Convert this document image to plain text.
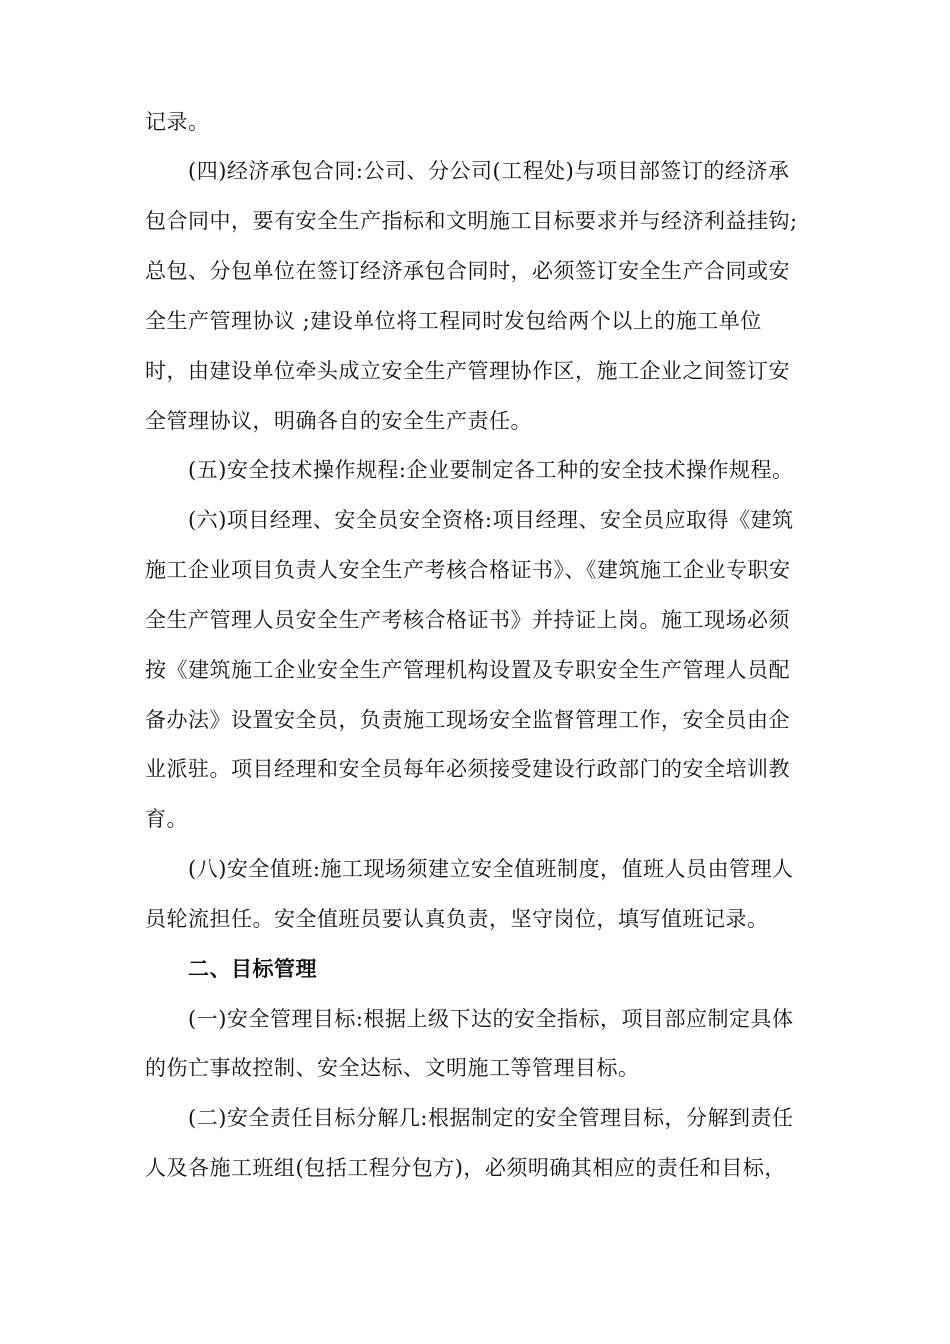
记录。
(四)经济承包合同:公司、分公司(工程处)与项目部签订的经济承
包合同中，要有安全生产指标和文明施工目标要求并与经济利益挂钩;
总包、分包单位在签订经济承包合同时，必须签订安全生产合同或安
全生产管理协议 ;建设单位将工程同时发包给两个以上的施工单位
时，由建设单位牵头成立安全生产管理协作区，施工企业之间签订安
全管理协议，明确各自的安全生产责任。
(五)安全技术操作规程:企业要制定各工种的安全技术操作规程。
(六)项目经理、安全员安全资格:项目经理、安全员应取得《建筑
施工企业项目负责人安全生产考核合格证书》、《建筑施工企业专职安
全生产管理人员安全生产考核合格证书》并持证上岗。施工现场必须
按《建筑施工企业安全生产管理机构设置及专职安全生产管理人员配
备办法》设置安全员，负责施工现场安全监督管理工作，安全员由企
业派驻。项目经理和安全员每年必须接受建设行政部门的安全培训教
育。
(八)安全值班:施工现场须建立安全值班制度，值班人员由管理人
员轮流担任。安全值班员要认真负责，坚守岗位，填写值班记录。
二、目标管理
(一)安全管理目标:根据上级下达的安全指标，项目部应制定具体
的伤亡事故控制、安全达标、文明施工等管理目标。
(二)安全责任目标分解几:根据制定的安全管理目标，分解到责任
人及各施工班组(包括工程分包方)，必须明确其相应的责任和目标，
